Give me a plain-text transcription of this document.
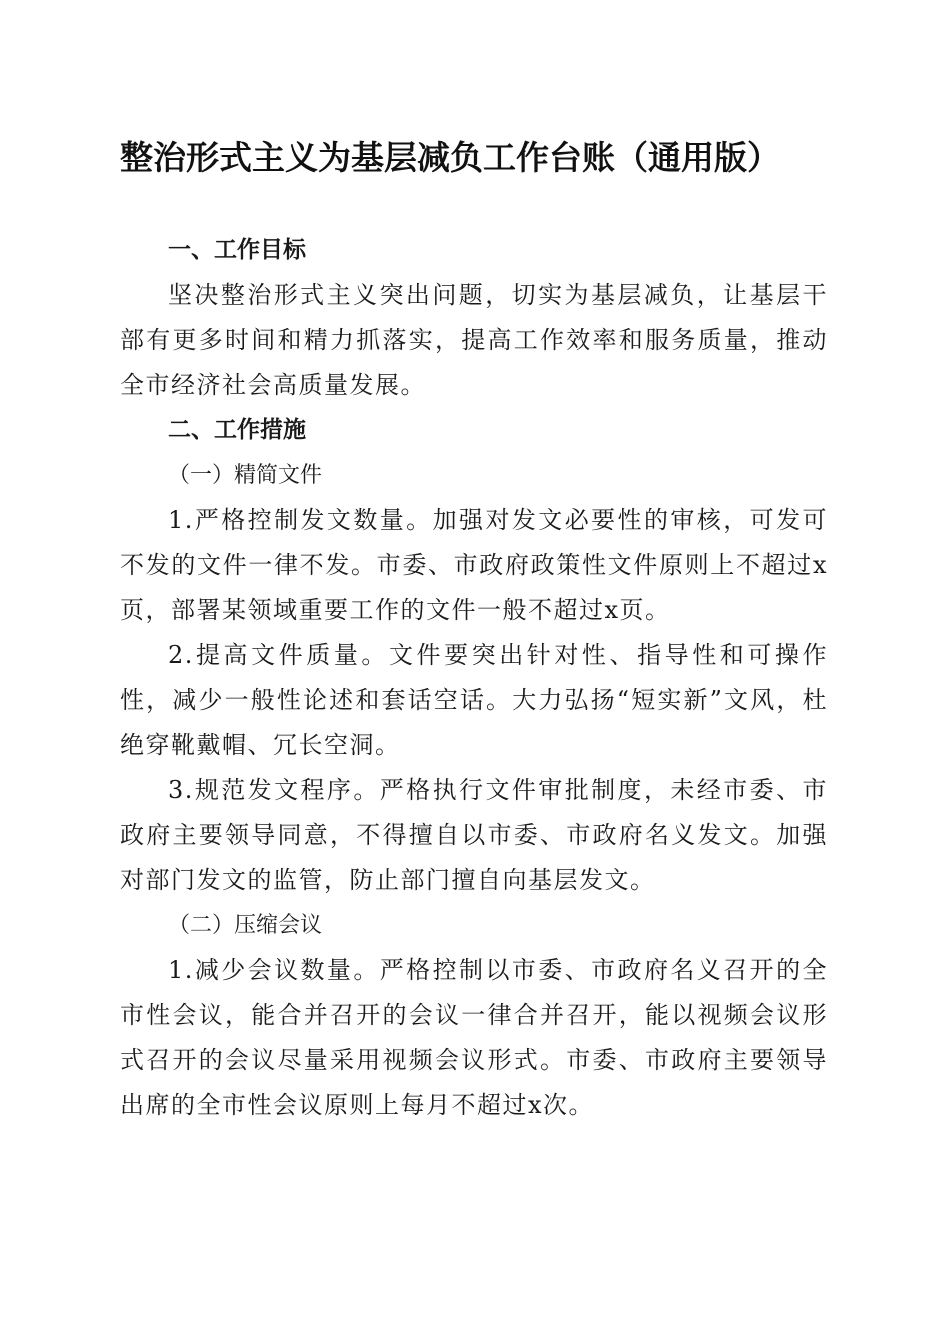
整治形式主义为基层减负工作台账（通用版）
一、工作目标

坚决整治形式主义突出问题，切实为基层减负，让基层干部有更多时间和精力抓落实，提高工作效率和服务质量，推动全市经济社会高质量发展。

二、工作措施
（一）精简文件

1.严格控制发文数量。加强对发文必要性的审核，可发可不发的文件一律不发。市委、市政府政策性文件原则上不超过x页，部署某领域重要工作的文件一般不超过x页。

2.提高文件质量。文件要突出针对性、指导性和可操作性，减少一般性论述和套话空话。大力弘扬“短实新”文风，杜绝穿靴戴帽、冗长空洞。

3.规范发文程序。严格执行文件审批制度，未经市委、市政府主要领导同意，不得擅自以市委、市政府名义发文。加强对部门发文的监管，防止部门擅自向基层发文。

（二）压缩会议

1.减少会议数量。严格控制以市委、市政府名义召开的全市性会议，能合并召开的会议一律合并召开，能以视频会议形式召开的会议尽量采用视频会议形式。市委、市政府主要领导出席的全市性会议原则上每月不超过x次。
